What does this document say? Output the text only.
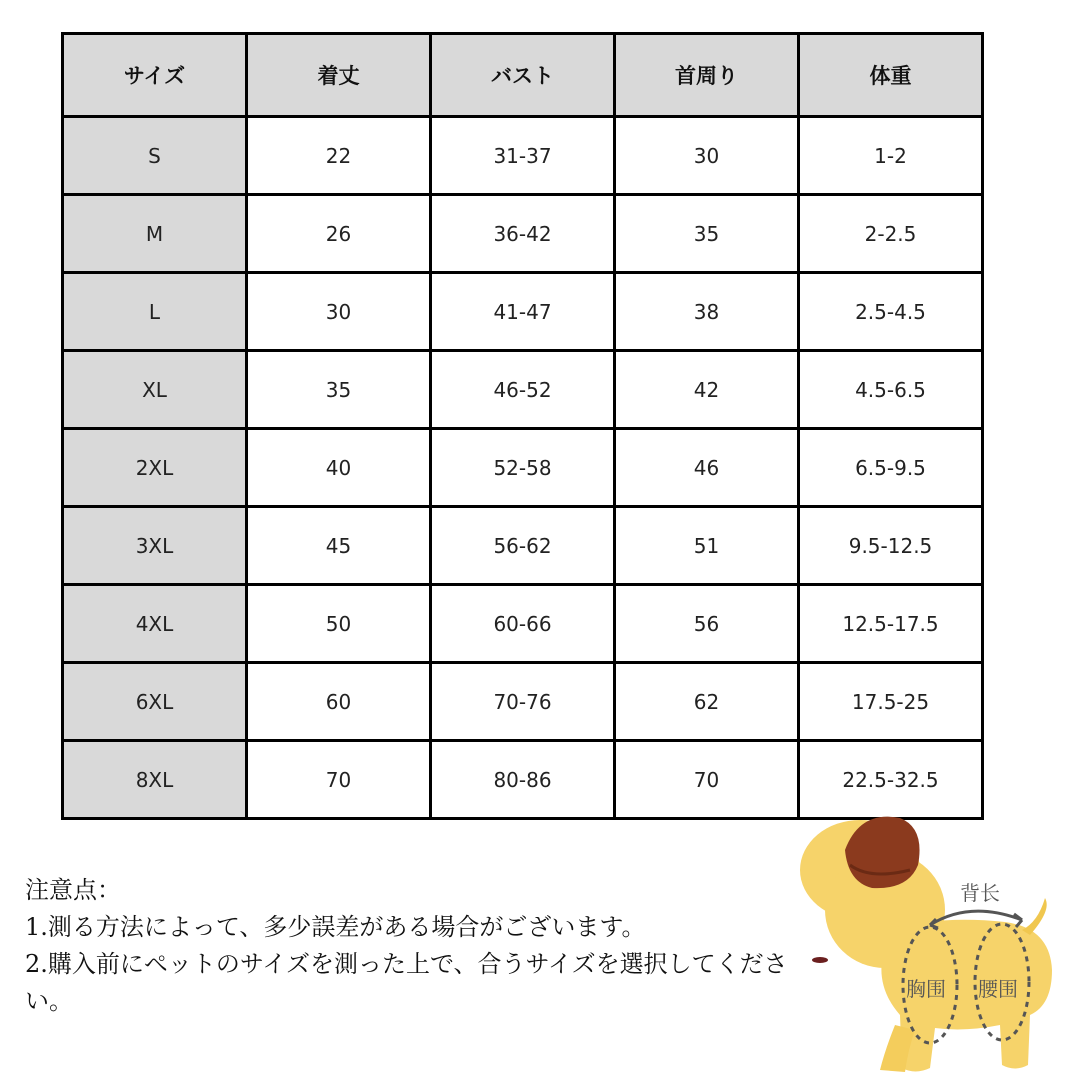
サイズ	着丈	バスト	首周り	体重
S	22	31-37	30	1-2
M	26	36-42	35	2-2.5
L	30	41-47	38	2.5-4.5
XL	35	46-52	42	4.5-6.5
2XL	40	52-58	46	6.5-9.5
3XL	45	56-62	51	9.5-12.5
4XL	50	60-66	56	12.5-17.5
6XL	60	70-76	62	17.5-25
8XL	70	80-86	70	22.5-32.5
注意点：
1.測る方法によって、多少誤差がある場合がございます。
2.購入前にペットのサイズを測った上で、合うサイズを選択してください。
背长
胸围 腰围
